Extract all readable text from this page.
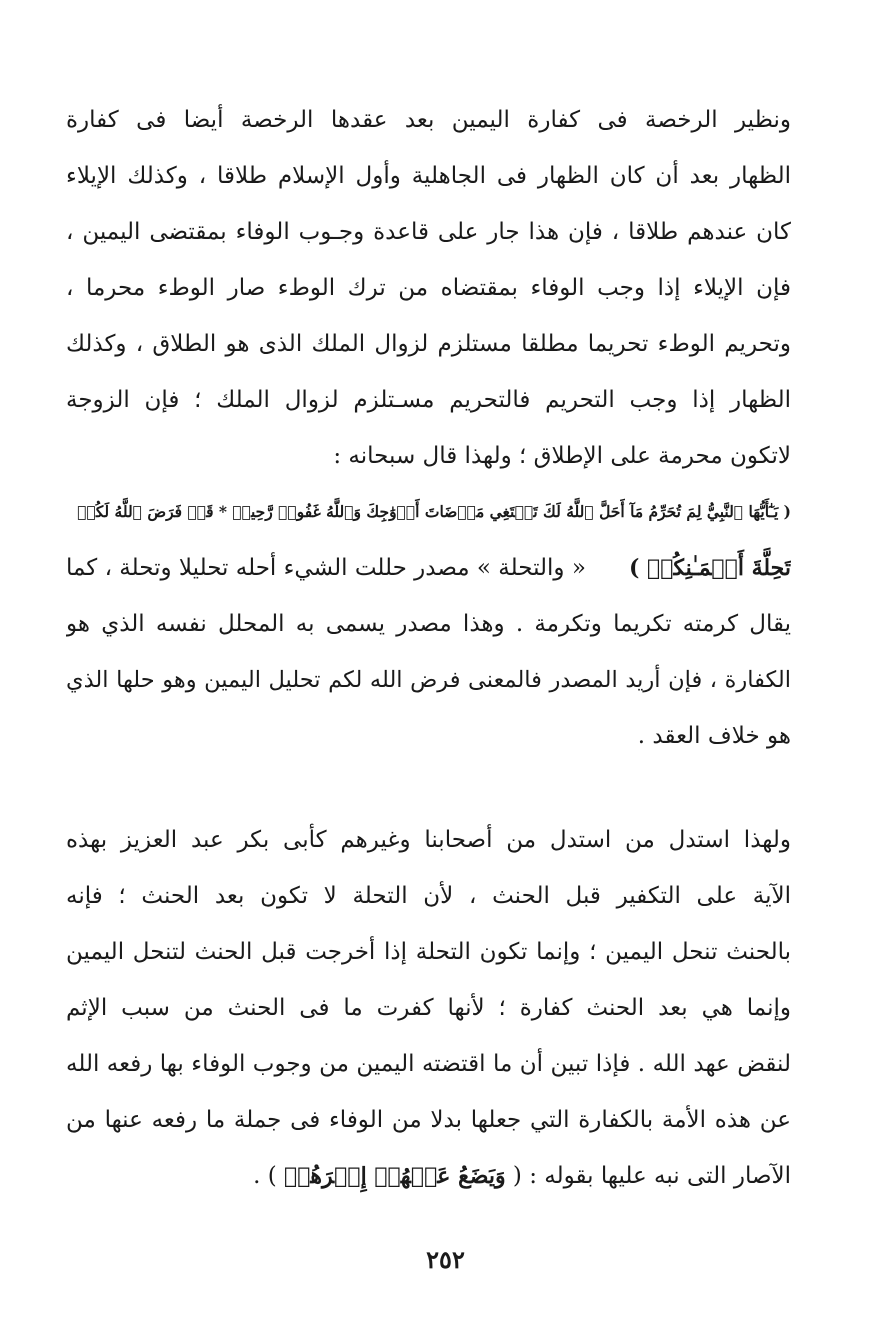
ونظير الرخصة فى كفارة اليمين بعد عقدها الرخصة أيضا فى كفارة
الظهار بعد أن كان الظهار فى الجاهلية وأول الإسلام طلاقا ، وكذلك الإيلاء
كان عندهم طلاقا ، فإن هذا جار على قاعدة وجـوب الوفاء بمقتضى اليمين ،
فإن الإيلاء إذا وجب الوفاء بمقتضاه من ترك الوطء صار الوطء محرما ،
وتحريم الوطء تحريما مطلقا مستلزم لزوال الملك الذى هو الطلاق ، وكذلك
الظهار إذا وجب التحريم فالتحريم مسـتلزم لزوال الملك ؛ فإن الزوجة
لاتكون محرمة على الإطلاق ؛ ولهذا قال سبحانه :
( يَـٰٓأَيُّهَا ٱلنَّبِيُّ لِمَ تُحَرِّمُ مَآ أَحَلَّ ٱللَّهُ لَكَ تَبۡتَغِي مَرۡضَاتَ أَزۡوَٰجِكَ وَٱللَّهُ غَفُورٞ رَّحِيمٞ * قَدۡ فَرَضَ ٱللَّهُ لَكُمۡ
تَحِلَّةَ أَيۡمَـٰنِكُمۡ )
« والتحلة » مصدر حللت الشيء أحله تحليلا وتحلة ، كما
يقال كرمته تكريما وتكرمة . وهذا مصدر يسمى به المحلل نفسه الذي هو
الكفارة ، فإن أريد المصدر فالمعنى فرض الله لكم تحليل اليمين وهو حلها الذي
هو خلاف العقد .
ولهذا استدل من استدل من أصحابنا وغيرهم كأبى بكر عبد العزيز بهذه
الآية على التكفير قبل الحنث ، لأن التحلة لا تكون بعد الحنث ؛ فإنه
بالحنث تنحل اليمين ؛ وإنما تكون التحلة إذا أخرجت قبل الحنث لتنحل اليمين
وإنما هي بعد الحنث كفارة ؛ لأنها كفرت ما فى الحنث من سبب الإثم
لنقض عهد الله . فإذا تبين أن ما اقتضته اليمين من وجوب الوفاء بها رفعه الله
عن هذه الأمة بالكفارة التي جعلها بدلا من الوفاء فى جملة ما رفعه عنها من
الآصار التى نبه عليها بقوله : ( وَيَضَعُ عَنۡهُمۡ إِصۡرَهُمۡ ) .
٢٥٢
